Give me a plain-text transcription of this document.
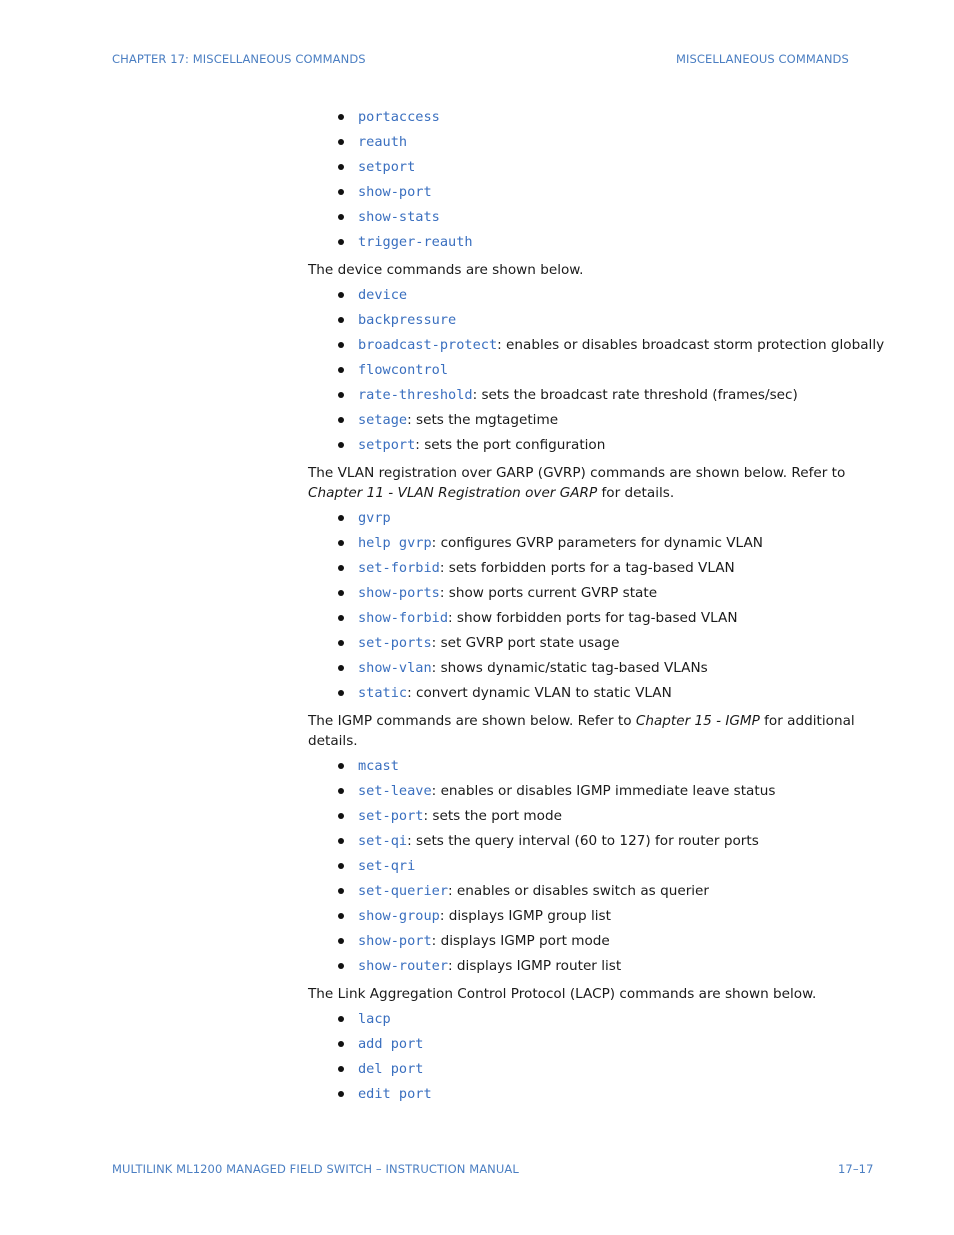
CHAPTER 17: MISCELLANEOUS COMMANDS	MISCELLANEOUS COMMANDS
portaccess
reauth
setport
show-port
show-stats
trigger-reauth

The device commands are shown below.

device
backpressure
broadcast-protect: enables or disables broadcast storm protection globally
flowcontrol
rate-threshold: sets the broadcast rate threshold (frames/sec)
setage: sets the mgtagetime
setport: sets the port configuration

The VLAN registration over GARP (GVRP) commands are shown below. Refer to Chapter 11 - VLAN Registration over GARP for details.

gvrp
help gvrp: configures GVRP parameters for dynamic VLAN
set-forbid: sets forbidden ports for a tag-based VLAN
show-ports: show ports current GVRP state
show-forbid: show forbidden ports for tag-based VLAN
set-ports: set GVRP port state usage
show-vlan: shows dynamic/static tag-based VLANs
static: convert dynamic VLAN to static VLAN

The IGMP commands are shown below. Refer to Chapter 15 - IGMP for additional details.

mcast
set-leave: enables or disables IGMP immediate leave status
set-port: sets the port mode
set-qi: sets the query interval (60 to 127) for router ports
set-qri
set-querier: enables or disables switch as querier
show-group: displays IGMP group list
show-port: displays IGMP port mode
show-router: displays IGMP router list

The Link Aggregation Control Protocol (LACP) commands are shown below.

lacp
add port
del port
edit port
MULTILINK ML1200 MANAGED FIELD SWITCH – INSTRUCTION MANUAL	17–17
